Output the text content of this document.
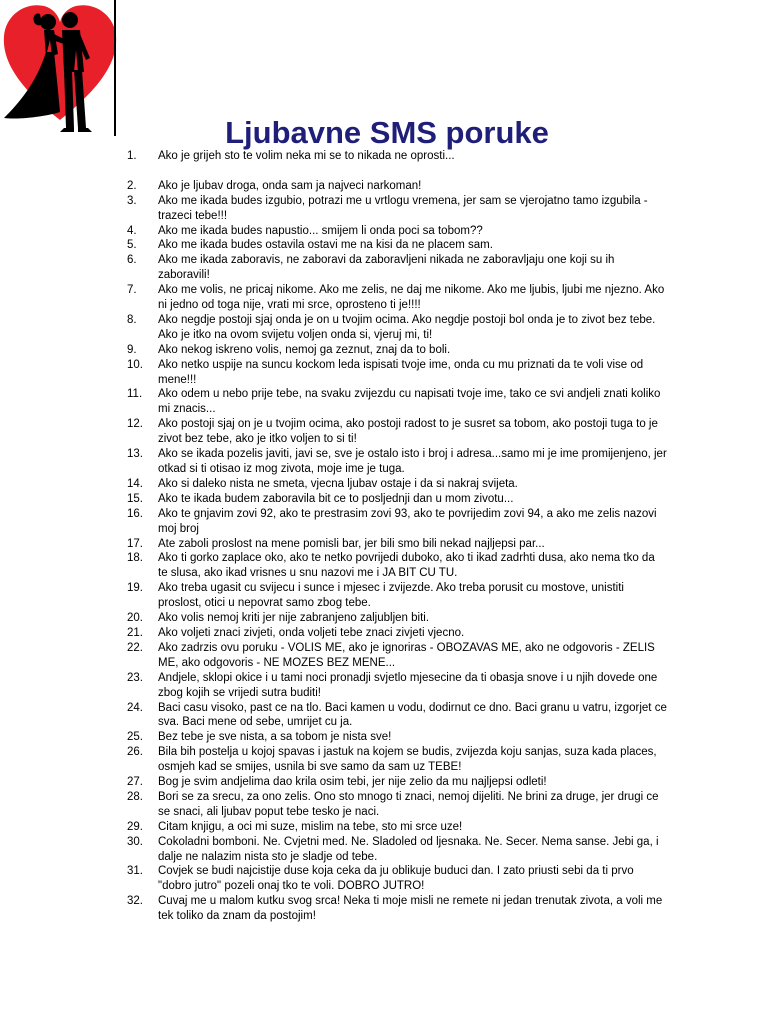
Ljubavne SMS poruke
1.	Ako je grijeh sto te volim neka mi se to nikada ne oprosti...
2.	Ako je ljubav droga, onda sam ja najveci narkoman!
3.	Ako me ikada budes izgubio, potrazi me u vrtlogu vremena, jer sam se vjerojatno tamo izgubila - trazeci tebe!!!
4.	Ako me ikada budes napustio... smijem li onda poci sa tobom??
5.	Ako me ikada budes ostavila ostavi me na kisi da ne placem sam.
6.	Ako me ikada zaboravis, ne zaboravi da zaboravljeni nikada ne zaboravljaju one koji su ih zaboravili!
7.	Ako me volis, ne pricaj nikome. Ako me zelis, ne daj me nikome. Ako me ljubis, ljubi me njezno. Ako ni jedno od toga nije, vrati mi srce, oprosteno ti je!!!!
8.	Ako negdje postoji sjaj onda je on u tvojim ocima. Ako negdje postoji bol onda je to zivot bez tebe. Ako je itko na ovom svijetu voljen onda si, vjeruj mi, ti!
9.	Ako nekog iskreno volis, nemoj ga zeznut, znaj da to boli.
10.	Ako netko uspije na suncu kockom leda ispisati tvoje ime, onda cu mu priznati da te voli vise od mene!!!
11.	Ako odem u nebo prije tebe, na svaku zvijezdu cu napisati tvoje ime, tako ce svi andjeli znati koliko mi znacis...
12.	Ako postoji sjaj on je u tvojim ocima, ako postoji radost to je susret sa tobom, ako postoji tuga to je zivot bez tebe, ako je itko voljen to si ti!
13.	Ako se ikada pozelis javiti, javi se, sve je ostalo isto i broj i adresa...samo mi je ime promijenjeno, jer otkad si ti otisao iz mog zivota, moje ime je tuga.
14.	Ako si daleko nista ne smeta, vjecna ljubav ostaje i da si nakraj svijeta.
15.	Ako te ikada budem zaboravila bit ce to posljednji dan u mom zivotu...
16.	Ako te gnjavim zovi 92, ako te prestrasim zovi 93, ako te povrijedim zovi 94, a ako me zelis nazovi moj broj
17.	Ate zaboli proslost na mene pomisli bar, jer bili smo bili nekad najljepsi par...
18.	Ako ti gorko zaplace oko, ako te netko povrijedi duboko, ako ti ikad zadrhti dusa, ako nema tko da te slusa, ako ikad vrisnes u snu nazovi me i JA BIT CU TU.
19.	Ako treba ugasit cu svijecu i sunce i mjesec i zvijezde. Ako treba porusit cu mostove, unistiti proslost, otici u nepovrat samo zbog tebe.
20.	Ako volis nemoj kriti jer nije zabranjeno zaljubljen biti.
21.	Ako voljeti znaci zivjeti, onda voljeti tebe znaci zivjeti vjecno.
22.	Ako zadrzis ovu poruku - VOLIS ME, ako je ignoriras - OBOZAVAS ME, ako ne odgovoris - ZELIS ME, ako odgovoris - NE MOZES BEZ MENE...
23.	Andjele, sklopi okice i u tami noci pronadji svjetlo mjesecine da ti obasja snove i u njih dovede one zbog kojih se vrijedi sutra buditi!
24.	Baci casu visoko, past ce na tlo. Baci kamen u vodu, dodirnut ce dno. Baci granu u vatru, izgorjet ce sva. Baci mene od sebe, umrijet cu ja.
25.	Bez tebe je sve nista, a sa tobom je nista sve!
26.	Bila bih postelja u kojoj spavas i jastuk na kojem se budis, zvijezda koju sanjas, suza kada places, osmjeh kad se smijes, usnila bi sve samo da sam uz TEBE!
27.	Bog je svim andjelima dao krila osim tebi, jer nije zelio da mu najljepsi odleti!
28.	Bori se za srecu, za ono zelis. Ono sto mnogo ti znaci, nemoj dijeliti. Ne brini za druge, jer drugi ce se snaci, ali ljubav poput tebe tesko je naci.
29.	Citam knjigu, a oci mi suze, mislim na tebe, sto mi srce uze!
30.	Cokoladni bomboni. Ne. Cvjetni med. Ne. Sladoled od ljesnaka. Ne. Secer. Nema sanse. Jebi ga, i dalje ne nalazim nista sto je sladje od tebe.
31.	Covjek se budi najcistije duse koja ceka da ju oblikuje buduci dan. I zato priusti sebi da ti prvo "dobro jutro" pozeli onaj tko te voli. DOBRO JUTRO!
32.	Cuvaj me u malom kutku svog srca! Neka ti moje misli ne remete ni jedan trenutak zivota, a voli me tek toliko da znam da postojim!
